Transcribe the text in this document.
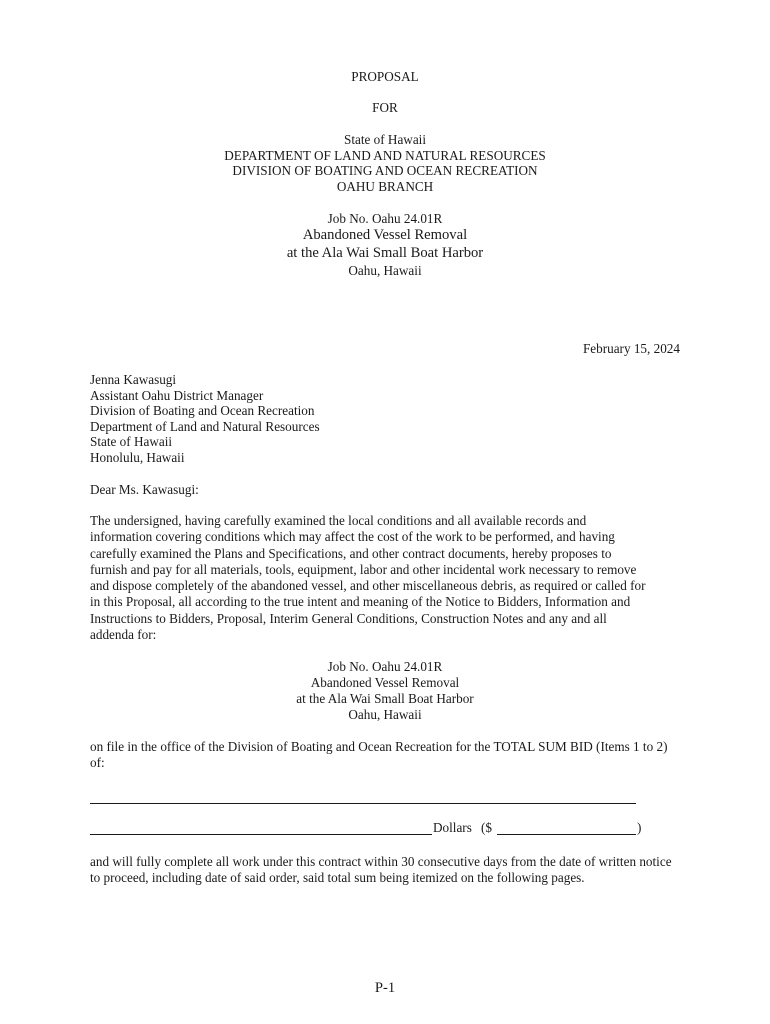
PROPOSAL
FOR
State of Hawaii
DEPARTMENT OF LAND AND NATURAL RESOURCES
DIVISION OF BOATING AND OCEAN RECREATION
OAHU BRANCH
Job No. Oahu 24.01R
Abandoned Vessel Removal
at the Ala Wai Small Boat Harbor
Oahu, Hawaii
February 15, 2024
Jenna Kawasugi
Assistant Oahu District Manager
Division of Boating and Ocean Recreation
Department of Land and Natural Resources
State of Hawaii
Honolulu, Hawaii
Dear Ms. Kawasugi:
The undersigned, having carefully examined the local conditions and all available records and
information covering conditions which may affect the cost of the work to be performed, and having
carefully examined the Plans and Specifications, and other contract documents, hereby proposes to
furnish and pay for all materials, tools, equipment, labor and other incidental work necessary to remove
and dispose completely of the abandoned vessel, and other miscellaneous debris, as required or called for
in this Proposal, all according to the true intent and meaning of the Notice to Bidders, Information and
Instructions to Bidders, Proposal, Interim General Conditions, Construction Notes and any and all
addenda for:
Job No. Oahu 24.01R
Abandoned Vessel Removal
at the Ala Wai Small Boat Harbor
Oahu, Hawaii
on file in the office of the Division of Boating and Ocean Recreation for the TOTAL SUM BID (Items 1 to 2)
of:
Dollars ($	)
and will fully complete all work under this contract within 30 consecutive days from the date of written notice
to proceed, including date of said order, said total sum being itemized on the following pages.
P-1
